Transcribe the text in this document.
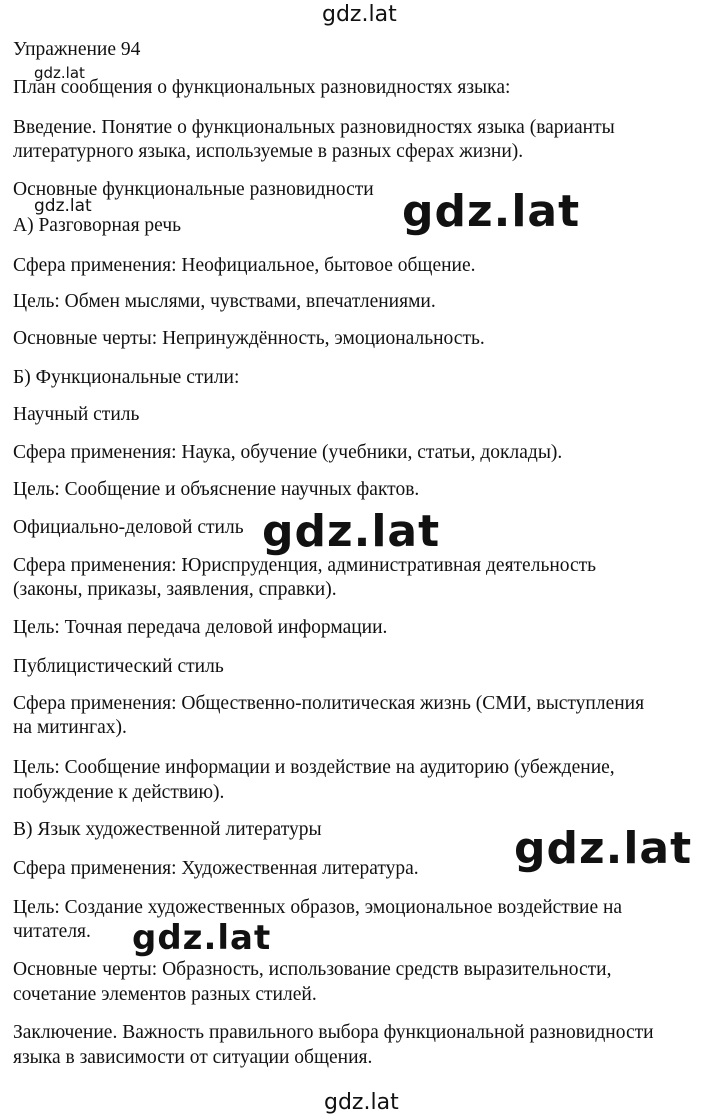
gdz.lat
gdz.lat
gdz.lat	gdz.lat
gdz.lat
gdz.lat
gdz.lat
gdz.lat

Упражнение 94

План сообщения о функциональных разновидностях языка:

Введение. Понятие о функциональных разновидностях языка (варианты

литературного языка, используемые в разных сферах жизни).

Основные функциональные разновидности

А) Разговорная речь

Сфера применения: Неофициальное, бытовое общение.

Цель: Обмен мыслями, чувствами, впечатлениями.

Основные черты: Непринуждённость, эмоциональность.

Б) Функциональные стили:

Научный стиль

Сфера применения: Наука, обучение (учебники, статьи, доклады).

Цель: Сообщение и объяснение научных фактов.

Официально-деловой стиль

Сфера применения: Юриспруденция, административная деятельность

(законы, приказы, заявления, справки).

Цель: Точная передача деловой информации.

Публицистический стиль

Сфера применения: Общественно-политическая жизнь (СМИ, выступления

на митингах).

Цель: Сообщение информации и воздействие на аудиторию (убеждение,

побуждение к действию).

В) Язык художественной литературы

Сфера применения: Художественная литература.

Цель: Создание художественных образов, эмоциональное воздействие на

читателя.

Основные черты: Образность, использование средств выразительности,

сочетание элементов разных стилей.

Заключение. Важность правильного выбора функциональной разновидности

языка в зависимости от ситуации общения.
